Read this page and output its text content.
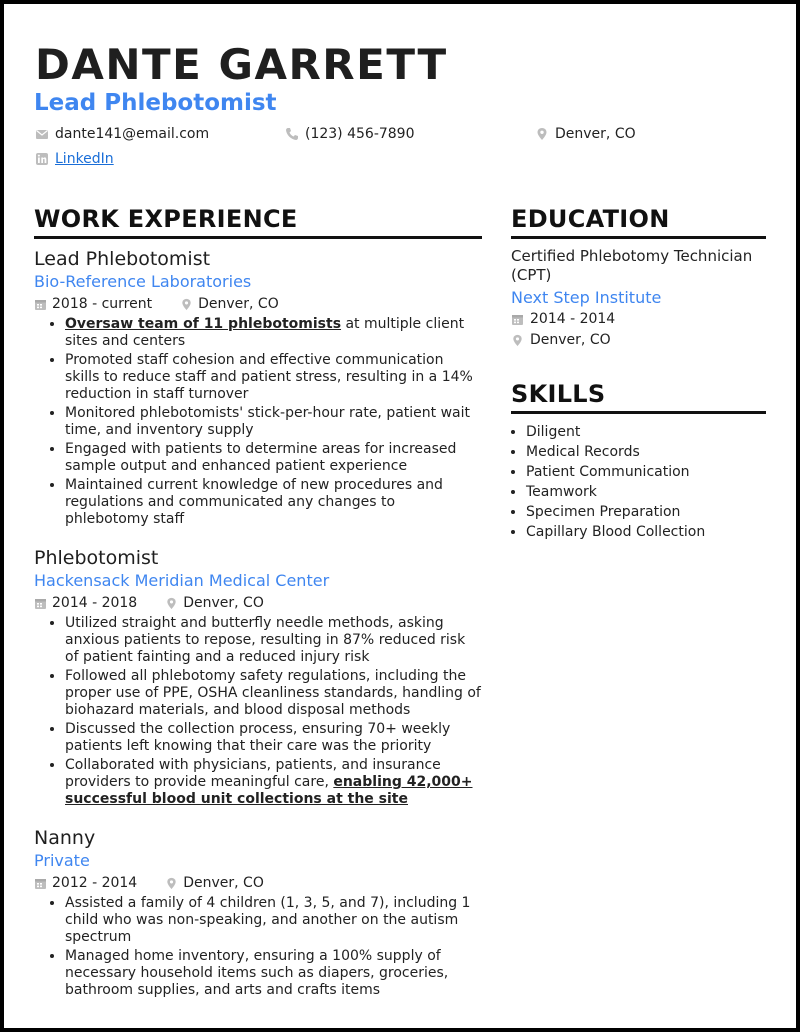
DANTE GARRETT
Lead Phlebotomist
dante141@email.com	(123) 456-7890	Denver, CO
LinkedIn
WORK EXPERIENCE
Lead Phlebotomist
Bio-Reference Laboratories
2018 - current	Denver, CO
• Oversaw team of 11 phlebotomists at multiple client sites and centers
• Promoted staff cohesion and effective communication skills to reduce staff and patient stress, resulting in a 14% reduction in staff turnover
• Monitored phlebotomists' stick-per-hour rate, patient wait time, and inventory supply
• Engaged with patients to determine areas for increased sample output and enhanced patient experience
• Maintained current knowledge of new procedures and regulations and communicated any changes to phlebotomy staff
Phlebotomist
Hackensack Meridian Medical Center
2014 - 2018	Denver, CO
• Utilized straight and butterfly needle methods, asking anxious patients to repose, resulting in 87% reduced risk of patient fainting and a reduced injury risk
• Followed all phlebotomy safety regulations, including the proper use of PPE, OSHA cleanliness standards, handling of biohazard materials, and blood disposal methods
• Discussed the collection process, ensuring 70+ weekly patients left knowing that their care was the priority
• Collaborated with physicians, patients, and insurance providers to provide meaningful care, enabling 42,000+ successful blood unit collections at the site
Nanny
Private
2012 - 2014	Denver, CO
• Assisted a family of 4 children (1, 3, 5, and 7), including 1 child who was non-speaking, and another on the autism spectrum
• Managed home inventory, ensuring a 100% supply of necessary household items such as diapers, groceries, bathroom supplies, and arts and crafts items
EDUCATION
Certified Phlebotomy Technician (CPT)
Next Step Institute
2014 - 2014
Denver, CO
SKILLS
• Diligent
• Medical Records
• Patient Communication
• Teamwork
• Specimen Preparation
• Capillary Blood Collection
